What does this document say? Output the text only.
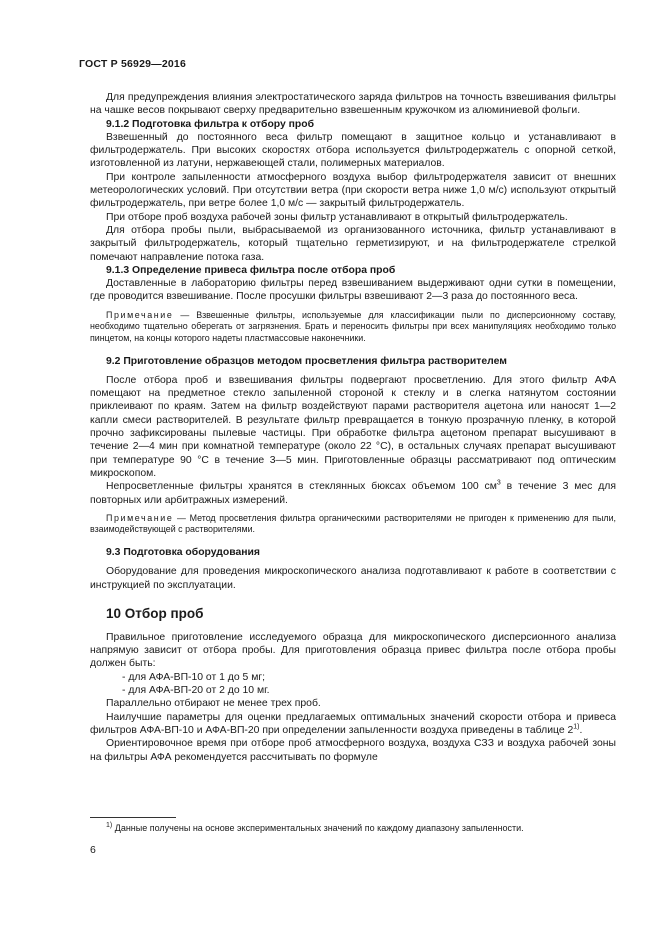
ГОСТ Р 56929—2016

Для предупреждения влияния электростатического заряда фильтров на точность взвешивания фильтры на чашке весов покрывают сверху предварительно взвешенным кружочком из алюминиевой фольги.

9.1.2 Подготовка фильтра к отбору проб

Взвешенный до постоянного веса фильтр помещают в защитное кольцо и устанавливают в фильтродержатель. При высоких скоростях отбора используется фильтродержатель с опорной сеткой, изготовленной из латуни, нержавеющей стали, полимерных материалов.

При контроле запыленности атмосферного воздуха выбор фильтродержателя зависит от внешних метеорологических условий. При отсутствии ветра (при скорости ветра ниже 1,0 м/с) используют открытый фильтродержатель, при ветре более 1,0 м/с — закрытый фильтродержатель.

При отборе проб воздуха рабочей зоны фильтр устанавливают в открытый фильтродержатель.

Для отбора пробы пыли, выбрасываемой из организованного источника, фильтр устанавливают в закрытый фильтродержатель, который тщательно герметизируют, и на фильтродержателе стрелкой помечают направление потока газа.

9.1.3 Определение привеса фильтра после отбора проб

Доставленные в лабораторию фильтры перед взвешиванием выдерживают одни сутки в помещении, где проводится взвешивание. После просушки фильтры взвешивают 2—3 раза до постоянного веса.

Примечание — Взвешенные фильтры, используемые для классификации пыли по дисперсионному составу, необходимо тщательно оберегать от загрязнения. Брать и переносить фильтры при всех манипуляциях необходимо только пинцетом, на концы которого надеты пластмассовые наконечники.

9.2 Приготовление образцов методом просветления фильтра растворителем

После отбора проб и взвешивания фильтры подвергают просветлению. Для этого фильтр АФА помещают на предметное стекло запыленной стороной к стеклу и в слегка натянутом состоянии приклеивают по краям. Затем на фильтр воздействуют парами растворителя ацетона или наносят 1—2 капли смеси растворителей. В результате фильтр превращается в тонкую прозрачную пленку, в которой прочно зафиксированы пылевые частицы. При обработке фильтра ацетоном препарат высушивают в течение 2—4 мин при комнатной температуре (около 22 °C), в остальных случаях препарат высушивают при температуре 90 °C в течение 3—5 мин. Приготовленные образцы рассматривают под оптическим микроскопом.

Непросветленные фильтры хранятся в стеклянных бюксах объемом 100 $см^3$ в течение 3 мес для повторных или арбитражных измерений.

Примечание — Метод просветления фильтра органическими растворителями не пригоден к применению для пыли, взаимодействующей с растворителями.

9.3 Подготовка оборудования

Оборудование для проведения микроскопического анализа подготавливают к работе в соответствии с инструкцией по эксплуатации.

10 Отбор проб

Правильное приготовление исследуемого образца для микроскопического дисперсионного анализа напрямую зависит от отбора пробы. Для приготовления образца привес фильтра после отбора пробы должен быть:

- для АФА-ВП-10 от 1 до 5 мг;

- для АФА-ВП-20 от 2 до 10 мг.

Параллельно отбирают не менее трех проб.

Наилучшие параметры для оценки предлагаемых оптимальных значений скорости отбора и привеса фильтров АФА-ВП-10 и АФА-ВП-20 при определении запыленности воздуха приведены в таблице 2$^{1)}$.

Ориентировочное время при отборе проб атмосферного воздуха, воздуха СЗЗ и воздуха рабочей зоны на фильтры АФА рекомендуется рассчитывать по формуле

$^{1)}$ Данные получены на основе экспериментальных значений по каждому диапазону запыленности.
6
